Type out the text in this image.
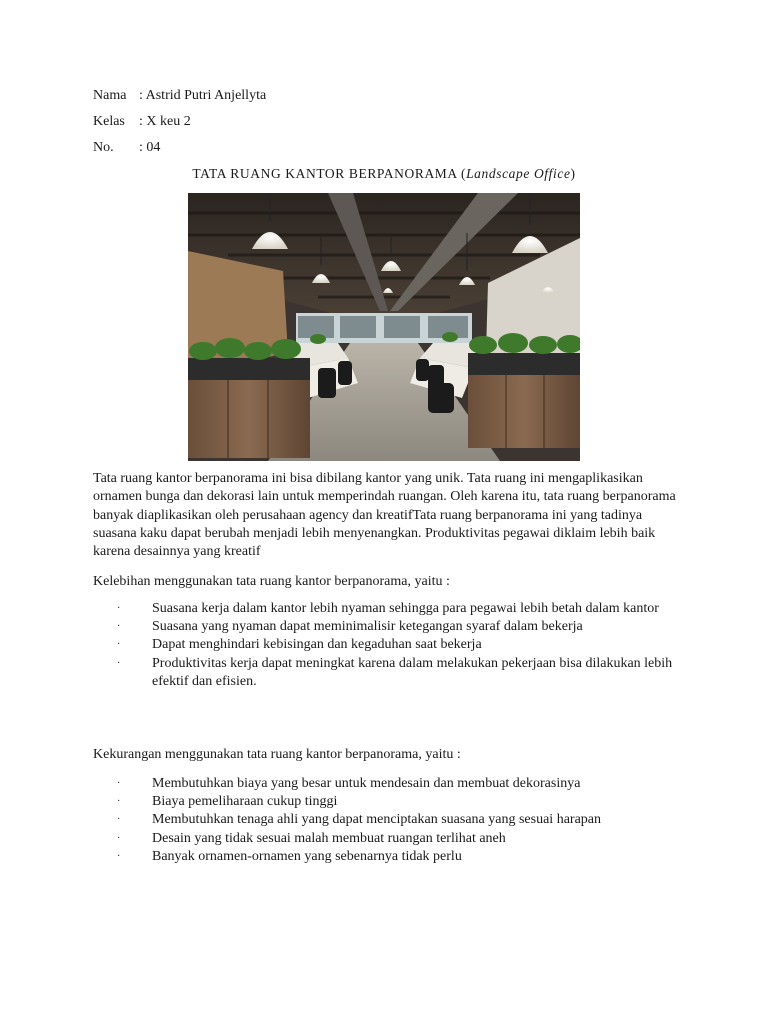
Nama : Astrid Putri Anjellyta
Kelas : X keu 2
No. : 04
TATA RUANG KANTOR BERPANORAMA (Landscape Office)

Tata ruang kantor berpanorama ini bisa dibilang kantor yang unik. Tata ruang ini mengaplikasikan ornamen bunga dan dekorasi lain untuk memperindah ruangan. Oleh karena itu, tata ruang berpanorama banyak diaplikasikan oleh perusahaan agency dan kreatifTata ruang berpanorama ini yang tadinya suasana kaku dapat berubah menjadi lebih menyenangkan. Produktivitas pegawai diklaim lebih baik karena desainnya yang kreatif

Kelebihan menggunakan tata ruang kantor berpanorama, yaitu :

· Suasana kerja dalam kantor lebih nyaman sehingga para pegawai lebih betah dalam kantor
· Suasana yang nyaman dapat meminimalisir ketegangan syaraf dalam bekerja
· Dapat menghindari kebisingan dan kegaduhan saat bekerja
· Produktivitas kerja dapat meningkat karena dalam melakukan pekerjaan bisa dilakukan lebih efektif dan efisien.

Kekurangan menggunakan tata ruang kantor berpanorama, yaitu :

· Membutuhkan biaya yang besar untuk mendesain dan membuat dekorasinya
· Biaya pemeliharaan cukup tinggi
· Membutuhkan tenaga ahli yang dapat menciptakan suasana yang sesuai harapan
· Desain yang tidak sesuai malah membuat ruangan terlihat aneh
· Banyak ornamen-ornamen yang sebenarnya tidak perlu
